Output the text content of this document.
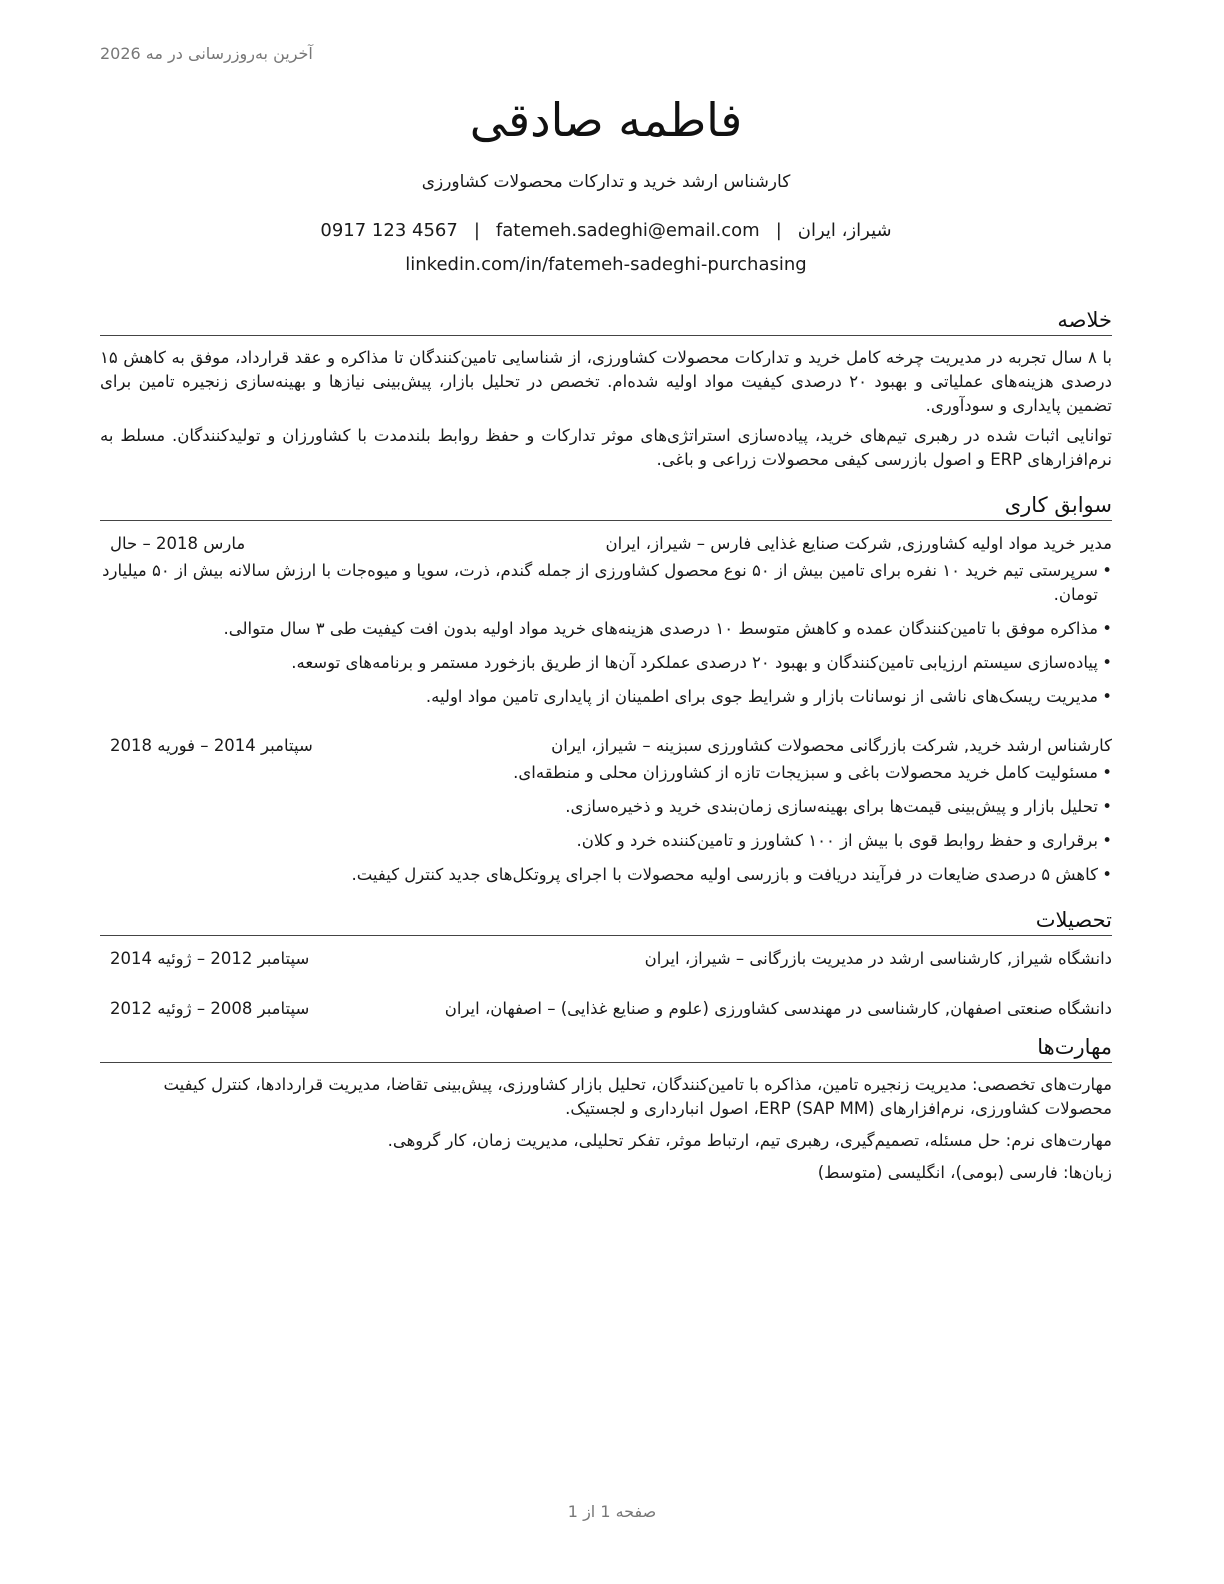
آخرین به‌روزرسانی در مه 2026
فاطمه صادقی
کارشناس ارشد خرید و تدارکات محصولات کشاورزی
شیراز، ایران|fatemeh.sadeghi@email.com|0917 123 4567
linkedin.com/in/fatemeh-sadeghi-purchasing
خلاصه

با ۸ سال تجربه در مدیریت چرخه کامل خرید و تدارکات محصولات کشاورزی، از شناسایی تامین‌کنندگان تا مذاکره و عقد قرارداد، موفق به کاهش ۱۵ درصدی هزینه‌های عملیاتی و بهبود ۲۰ درصدی کیفیت مواد اولیه شده‌ام. تخصص در تحلیل بازار، پیش‌بینی نیازها و بهینه‌سازی زنجیره تامین برای تضمین پایداری و سودآوری.

توانایی اثبات شده در رهبری تیم‌های خرید، پیاده‌سازی استراتژی‌های موثر تدارکات و حفظ روابط بلندمدت با کشاورزان و تولیدکنندگان. مسلط به نرم‌افزارهای ERP و اصول بازرسی کیفی محصولات زراعی و باغی.

سوابق کاری
مدیر خرید مواد اولیه کشاورزی, شرکت صنایع غذایی فارس – شیراز، ایران
مارس 2018 – حال
• سرپرستی تیم خرید ۱۰ نفره برای تامین بیش از ۵۰ نوع محصول کشاورزی از جمله گندم، ذرت، سویا و میوه‌جات با ارزش سالانه بیش از ۵۰ میلیارد تومان.
• مذاکره موفق با تامین‌کنندگان عمده و کاهش متوسط ۱۰ درصدی هزینه‌های خرید مواد اولیه بدون افت کیفیت طی ۳ سال متوالی.
• پیاده‌سازی سیستم ارزیابی تامین‌کنندگان و بهبود ۲۰ درصدی عملکرد آن‌ها از طریق بازخورد مستمر و برنامه‌های توسعه.
• مدیریت ریسک‌های ناشی از نوسانات بازار و شرایط جوی برای اطمینان از پایداری تامین مواد اولیه.
کارشناس ارشد خرید, شرکت بازرگانی محصولات کشاورزی سبزینه – شیراز، ایران
سپتامبر 2014 – فوریه 2018
• مسئولیت کامل خرید محصولات باغی و سبزیجات تازه از کشاورزان محلی و منطقه‌ای.
• تحلیل بازار و پیش‌بینی قیمت‌ها برای بهینه‌سازی زمان‌بندی خرید و ذخیره‌سازی.
• برقراری و حفظ روابط قوی با بیش از ۱۰۰ کشاورز و تامین‌کننده خرد و کلان.
• کاهش ۵ درصدی ضایعات در فرآیند دریافت و بازرسی اولیه محصولات با اجرای پروتکل‌های جدید کنترل کیفیت.
تحصیلات
دانشگاه شیراز, کارشناسی ارشد در مدیریت بازرگانی – شیراز، ایران
سپتامبر 2012 – ژوئیه 2014
دانشگاه صنعتی اصفهان, کارشناسی در مهندسی کشاورزی (علوم و صنایع غذایی) – اصفهان، ایران
سپتامبر 2008 – ژوئیه 2012
مهارت‌ها
مهارت‌های تخصصی: مدیریت زنجیره تامین، مذاکره با تامین‌کنندگان، تحلیل بازار کشاورزی، پیش‌بینی تقاضا، مدیریت قراردادها، کنترل کیفیت محصولات کشاورزی، نرم‌افزارهای ERP (SAP MM)، اصول انبارداری و لجستیک.
مهارت‌های نرم: حل مسئله، تصمیم‌گیری، رهبری تیم، ارتباط موثر، تفکر تحلیلی، مدیریت زمان، کار گروهی.
زبان‌ها: فارسی (بومی)، انگلیسی (متوسط)
صفحه 1 از 1
